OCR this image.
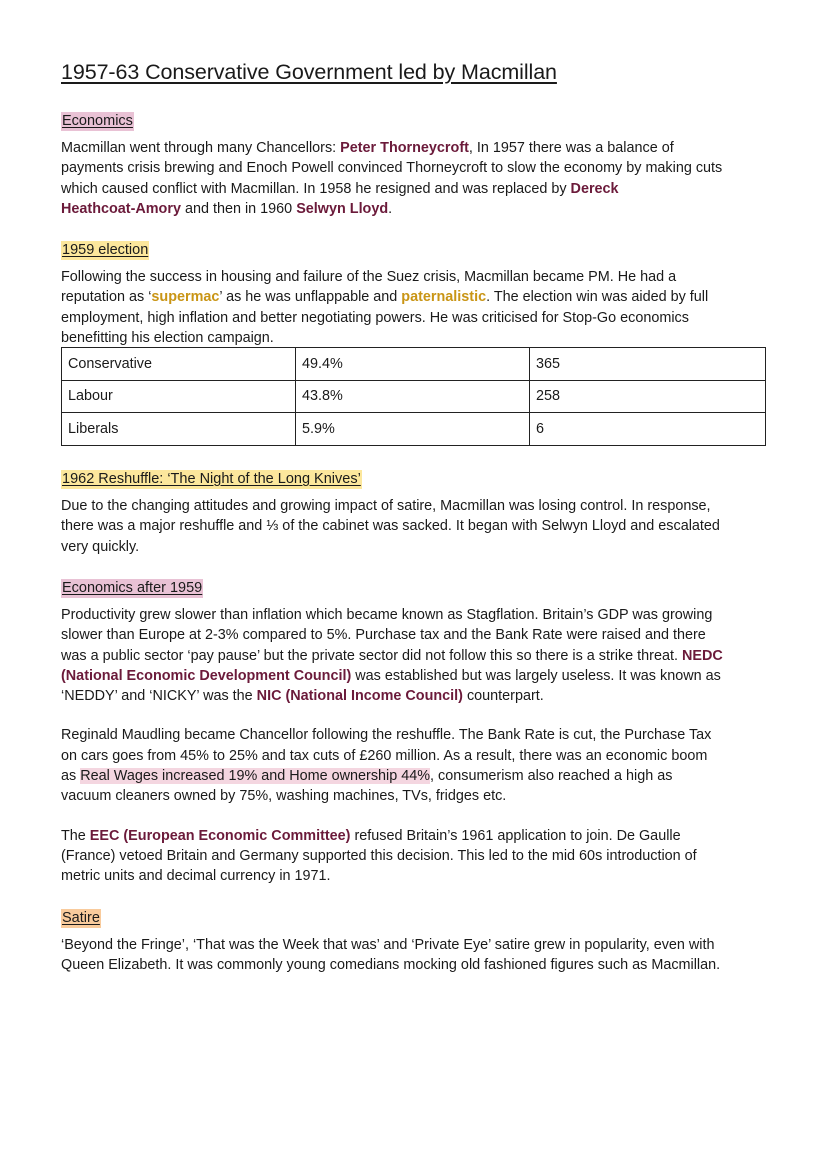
1957-63 Conservative Government led by Macmillan
Economics
Macmillan went through many Chancellors: Peter Thorneycroft, In 1957 there was a balance of
payments crisis brewing and Enoch Powell convinced Thorneycroft to slow the economy by making cuts
which caused conflict with Macmillan. In 1958 he resigned and was replaced by Dereck
Heathcoat-Amory and then in 1960 Selwyn Lloyd.
1959 election
Following the success in housing and failure of the Suez crisis, Macmillan became PM. He had a
reputation as ‘supermac’ as he was unflappable and paternalistic. The election win was aided by full
employment, high inflation and better negotiating powers. He was criticised for Stop-Go economics
benefitting his election campaign.
Conservative	49.4%	365
Labour	43.8%	258
Liberals	5.9%	6
1962 Reshuffle: ‘The Night of the Long Knives’
Due to the changing attitudes and growing impact of satire, Macmillan was losing control. In response,
there was a major reshuffle and ⅓ of the cabinet was sacked. It began with Selwyn Lloyd and escalated
very quickly.
Economics after 1959
Productivity grew slower than inflation which became known as Stagflation. Britain’s GDP was growing
slower than Europe at 2-3% compared to 5%. Purchase tax and the Bank Rate were raised and there
was a public sector ‘pay pause’ but the private sector did not follow this so there is a strike threat. NEDC
(National Economic Development Council) was established but was largely useless. It was known as
‘NEDDY’ and ‘NICKY’ was the NIC (National Income Council) counterpart.
Reginald Maudling became Chancellor following the reshuffle. The Bank Rate is cut, the Purchase Tax
on cars goes from 45% to 25% and tax cuts of £260 million. As a result, there was an economic boom
as Real Wages increased 19% and Home ownership 44%, consumerism also reached a high as
vacuum cleaners owned by 75%, washing machines, TVs, fridges etc.
The EEC (European Economic Committee) refused Britain’s 1961 application to join. De Gaulle
(France) vetoed Britain and Germany supported this decision. This led to the mid 60s introduction of
metric units and decimal currency in 1971.
Satire
‘Beyond the Fringe’, ‘That was the Week that was’ and ‘Private Eye’ satire grew in popularity, even with
Queen Elizabeth. It was commonly young comedians mocking old fashioned figures such as Macmillan.
